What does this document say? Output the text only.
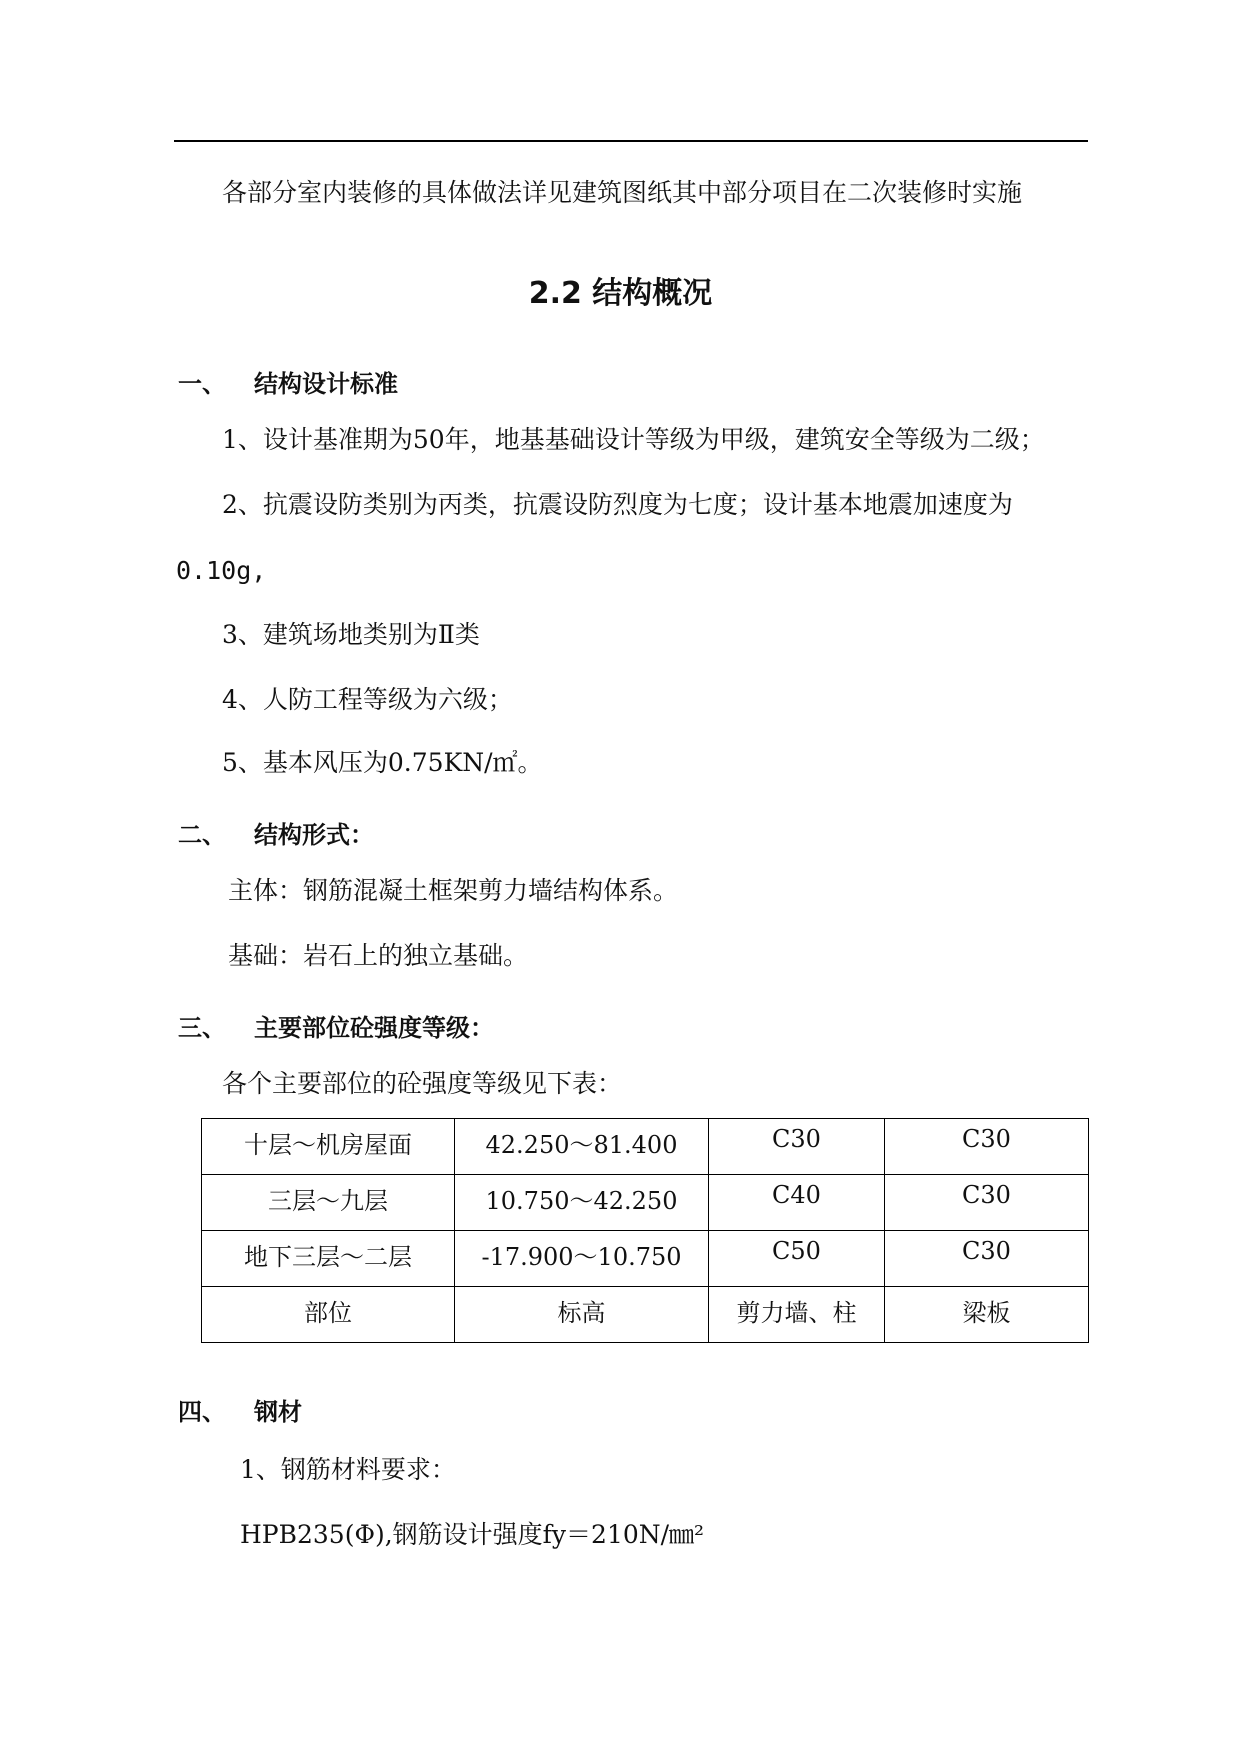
各部分室内装修的具体做法详见建筑图纸其中部分项目在二次装修时实施
2.2 结构概况
一、 结构设计标准
1、设计基准期为50年，地基基础设计等级为甲级，建筑安全等级为二级；
2、抗震设防类别为丙类，抗震设防烈度为七度；设计基本地震加速度为
0.10g,
3、建筑场地类别为Ⅱ类
4、人防工程等级为六级；
5、基本风压为0.75KN/㎡。
二、 结构形式：
主体：钢筋混凝土框架剪力墙结构体系。
基础：岩石上的独立基础。
三、 主要部位砼强度等级：
各个主要部位的砼强度等级见下表：
十层～机房屋面	42.250～81.400	C30	C30
三层～九层	10.750～42.250	C40	C30
地下三层～二层	-17.900～10.750	C50	C30
部位	标高	剪力墙、柱	梁板
四、 钢材
1、钢筋材料要求：
HPB235(Φ),钢筋设计强度fy＝210N/㎜²
